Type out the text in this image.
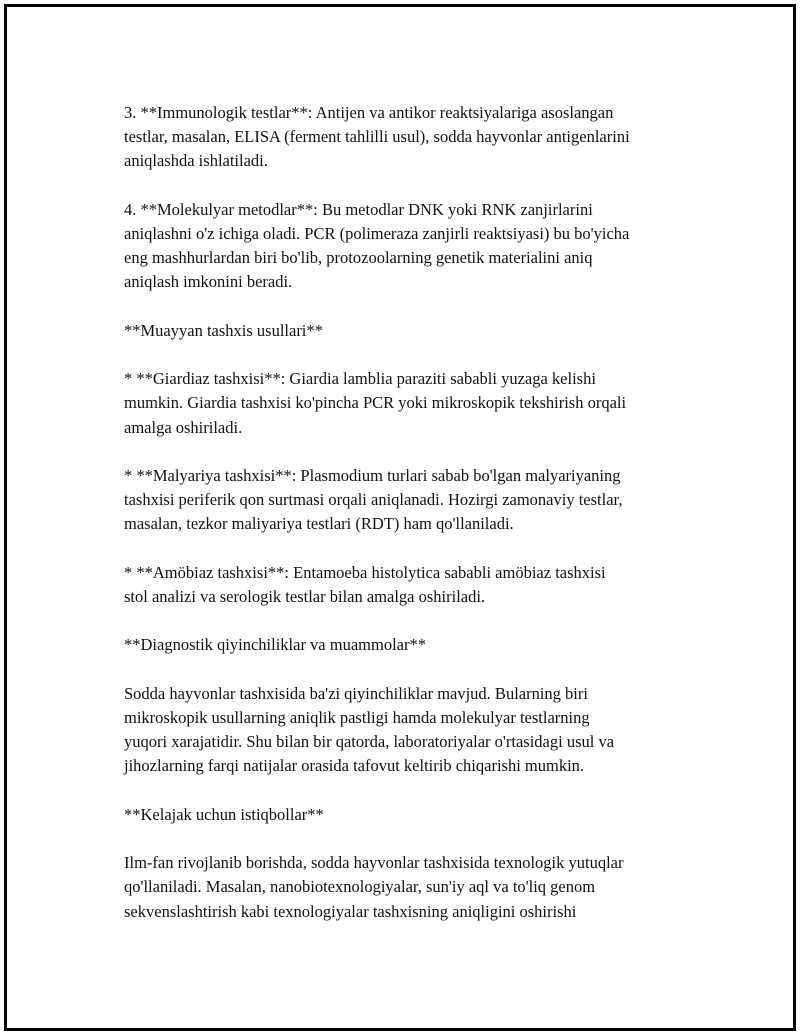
3. **Immunologik testlar**: Antijen va antikor reaktsiyalariga asoslangan
testlar, masalan, ELISA (ferment tahlilli usul), sodda hayvonlar antigenlarini
aniqlashda ishlatiladi.

4. **Molekulyar metodlar**: Bu metodlar DNK yoki RNK zanjirlarini
aniqlashni o'z ichiga oladi. PCR (polimeraza zanjirli reaktsiyasi) bu bo'yicha
eng mashhurlardan biri bo'lib, protozoolarning genetik materialini aniq
aniqlash imkonini beradi.

**Muayyan tashxis usullari**

* **Giardiaz tashxisi**: Giardia lamblia paraziti sababli yuzaga kelishi
mumkin. Giardia tashxisi ko'pincha PCR yoki mikroskopik tekshirish orqali
amalga oshiriladi.

* **Malyariya tashxisi**: Plasmodium turlari sabab bo'lgan malyariyaning
tashxisi periferik qon surtmasi orqali aniqlanadi. Hozirgi zamonaviy testlar,
masalan, tezkor maliyariya testlari (RDT) ham qo'llaniladi.

* **Amöbiaz tashxisi**: Entamoeba histolytica sababli amöbiaz tashxisi
stol analizi va serologik testlar bilan amalga oshiriladi.

**Diagnostik qiyinchiliklar va muammolar**

Sodda hayvonlar tashxisida ba'zi qiyinchiliklar mavjud. Bularning biri
mikroskopik usullarning aniqlik pastligi hamda molekulyar testlarning
yuqori xarajatidir. Shu bilan bir qatorda, laboratoriyalar o'rtasidagi usul va
jihozlarning farqi natijalar orasida tafovut keltirib chiqarishi mumkin.

**Kelajak uchun istiqbollar**

Ilm-fan rivojlanib borishda, sodda hayvonlar tashxisida texnologik yutuqlar
qo'llaniladi. Masalan, nanobiotexnologiyalar, sun'iy aql va to'liq genom
sekvenslashtirish kabi texnologiyalar tashxisning aniqligini oshirishi
